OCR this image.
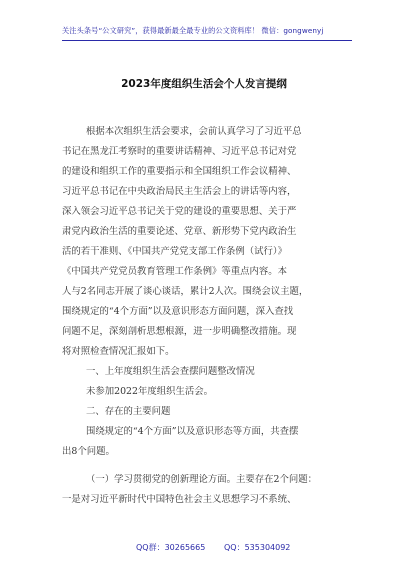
关注头条号“公文研究”，获得最新最全最专业的公文资料库！ 微信：gongwenyj
2023年度组织生活会个人发言提纲
根据本次组织生活会要求，会前认真学习了习近平总
书记在黑龙江考察时的重要讲话精神、习近平总书记对党
的建设和组织工作的重要指示和全国组织工作会议精神、
习近平总书记在中央政治局民主生活会上的讲话等内容，
深入领会习近平总书记关于党的建设的重要思想、关于严
肃党内政治生活的重要论述、党章、新形势下党内政治生
活的若干准则、《中国共产党党支部工作条例（试行）》
《中国共产党党员教育管理工作条例》等重点内容。本
人与2名同志开展了谈心谈话，累计2人次。围绕会议主题，
围绕规定的“4个方面”以及意识形态方面问题，深入查找
问题不足，深刻剖析思想根源，进一步明确整改措施。现
将对照检查情况汇报如下。
一、上年度组织生活会查摆问题整改情况
未参加2022年度组织生活会。
二、存在的主要问题
围绕规定的“4个方面”以及意识形态等方面，共查摆
出8个问题。
（一）学习贯彻党的创新理论方面。主要存在2个问题：
一是对习近平新时代中国特色社会主义思想学习不系统、
QQ群：30265665 QQ：535304092
